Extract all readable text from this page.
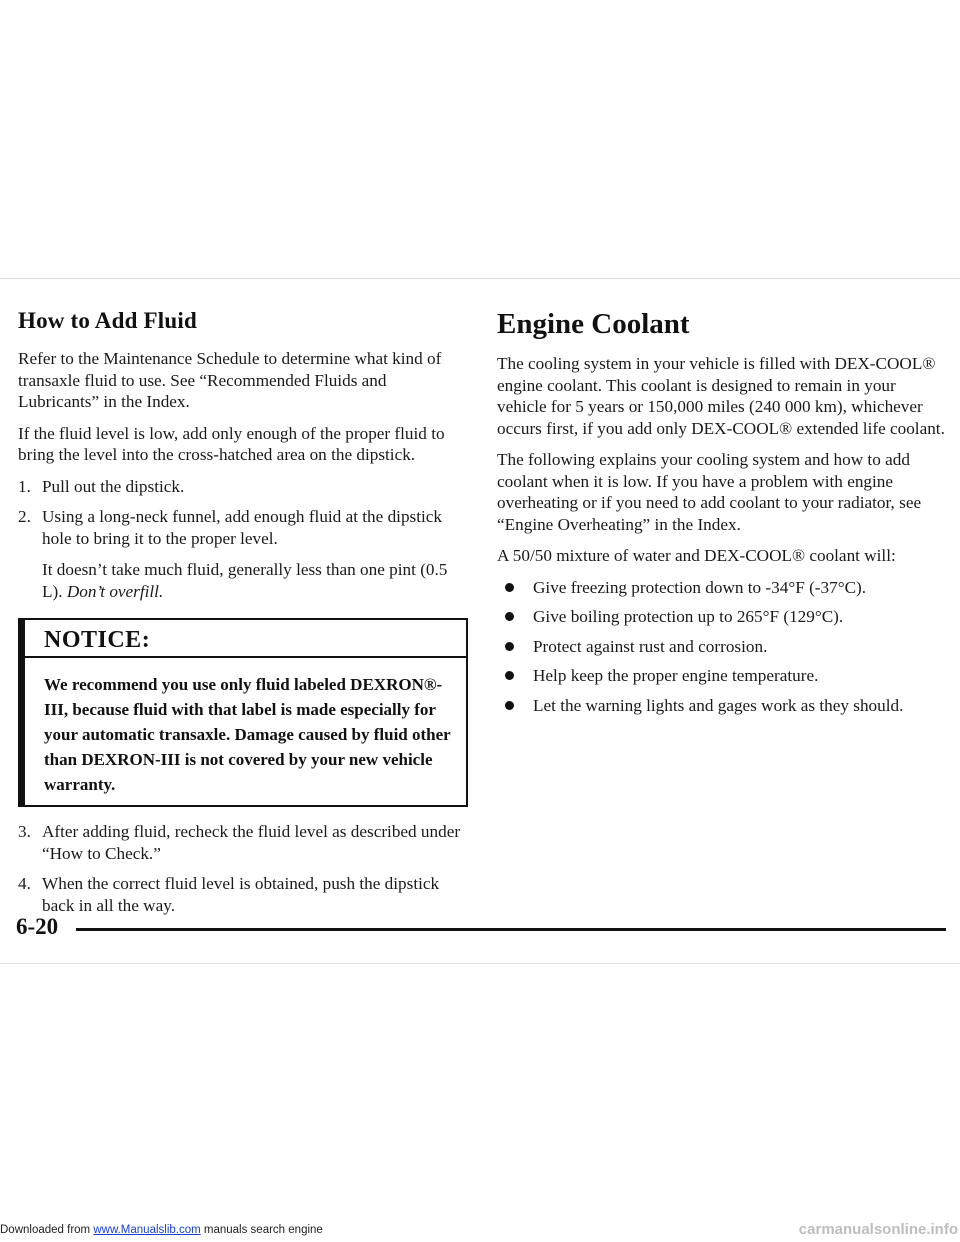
How to Add Fluid

Refer to the Maintenance Schedule to determine what kind of transaxle fluid to use. See “Recommended Fluids and Lubricants” in the Index.

If the fluid level is low, add only enough of the proper fluid to bring the level into the cross-hatched area on the dipstick.

1. Pull out the dipstick.
2. Using a long-neck funnel, add enough fluid at the dipstick hole to bring it to the proper level.
It doesn’t take much fluid, generally less than one pint (0.5 L). Don’t overfill.
NOTICE:
We recommend you use only fluid labeled DEXRON®-III, because fluid with that label is made especially for your automatic transaxle. Damage caused by fluid other than DEXRON-III is not covered by your new vehicle warranty.
3. After adding fluid, recheck the fluid level as described under “How to Check.”
4. When the correct fluid level is obtained, push the dipstick back in all the way.
Engine Coolant

The cooling system in your vehicle is filled with DEX-COOL® engine coolant. This coolant is designed to remain in your vehicle for 5 years or 150,000 miles (240 000 km), whichever occurs first, if you add only DEX-COOL® extended life coolant.

The following explains your cooling system and how to add coolant when it is low. If you have a problem with engine overheating or if you need to add coolant to your radiator, see “Engine Overheating” in the Index.

A 50/50 mixture of water and DEX-COOL® coolant will:

Give freezing protection down to -34°F (-37°C).
Give boiling protection up to 265°F (129°C).
Protect against rust and corrosion.
Help keep the proper engine temperature.
Let the warning lights and gages work as they should.
6-20
Downloaded from www.Manualslib.com manuals search engine	carmanualsonline.info
